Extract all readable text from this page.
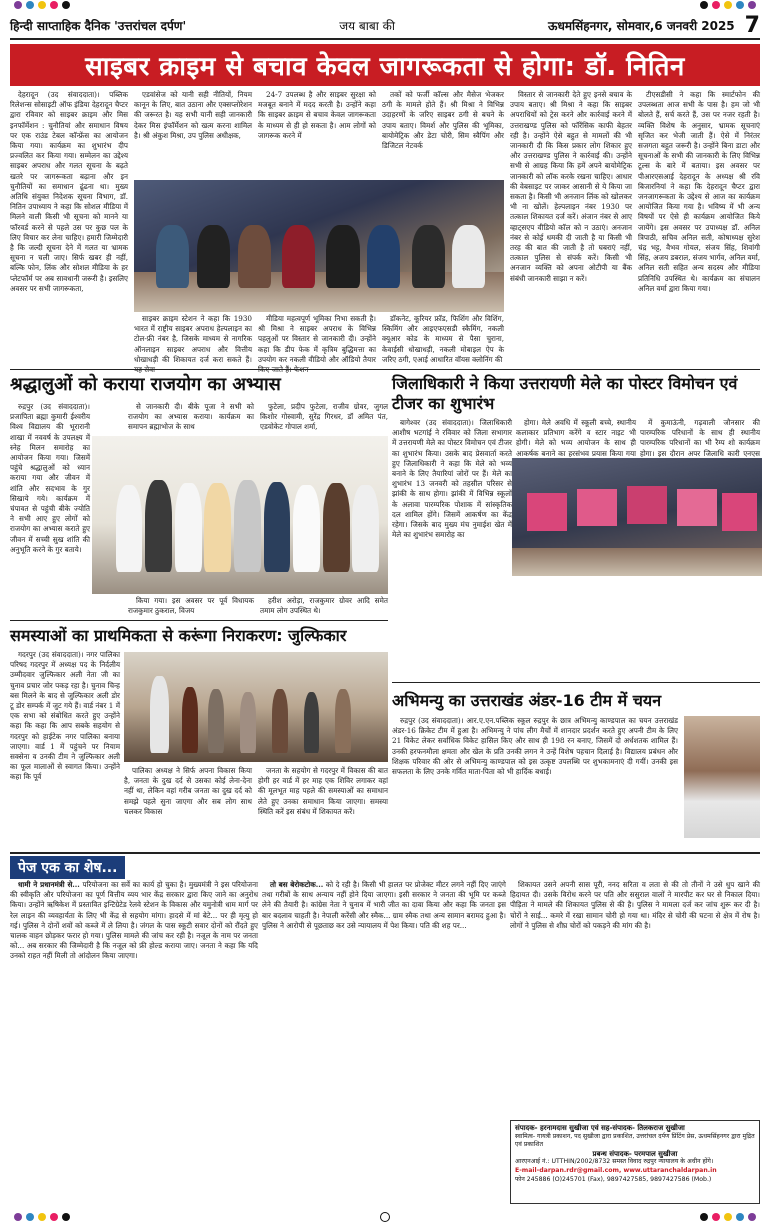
हिन्दी साप्ताहिक दैनिक 'उत्तरांचल दर्पण'	जय बाबा की	ऊधमसिंहनगर, सोमवार,6 जनवरी 2025 7
साइबर क्राइम से बचाव केवल जागरूकता से होगा: डॉ. नितिन

देहरादून (उद संवाददाता)। पब्लिक रिलेशन्स सोसाइटी ऑफ इंडिया देहरादून चैप्टर द्वारा रविवार को साइबर क्राइम और मिस इनफॉर्मेशन : चुनौतियां और समाधान विषय पर एक राउंड टेबल कॉन्फ्रेंस का आयोजन किया गया। कार्यक्रम का शुभारंभ दीप प्रज्वलित कर किया गया। सम्मेलन का उद्देश्य साइबर अपराध और गलत सूचना के बढ़ते खतरे पर जागरूकता बढ़ाना और इन चुनौतियों का समाधान ढूंढना था। मुख्य अतिथि संयुक्त निदेशक सूचना विभाग, डॉ. नितिन उपाध्याय ने कहा कि सोशल मीडिया में मिलने वाली किसी भी सूचना को मानने या फॉरवर्ड करने से पहले उस पर कुछ पल के लिए विचार कर लेना चाहिए। हमारी जिम्मेदारी है कि जल्दी सूचना देने में गलत या भ्रामक सूचना न चली जाए। सिर्फ खबर ही नहीं, बल्कि फोन, लिंक और सोशल मीडिया के हर प्लेटफॉर्म पर अब सावधानी जरूरी है। इसलिए अवसर पर सभी जागरूकता,

एडवांसेज को यानी सही नीतियों, नियम कानून के लिए, बात उठाना और एक्सप्लोरेशन की जरूरत है। यह सभी यानी सही जानकारी देकर मिस इंफॉर्मेशन को खत्म करना शामिल है। श्री अंकुश मिश्रा, उप पुलिस अधीक्षक,

24-7 उपलब्ध है और साइबर सुरक्षा को मजबूत बनाने में मदद करती है। उन्होंने कहा कि साइबर क्राइम से बचाव केवल जागरूकता के माध्यम से ही हो सकता है। आम लोगों को जागरूक करने में

तकों को फर्जी कॉल्स और मैसेज भेजकर ठगी के मामले होते हैं। श्री मिश्रा ने विभिन्न उदाहरणों के जरिए साइबर ठगी से बचने के उपाय बताए। विमर्श और पुलिस की भूमिका, बायोमेट्रिक और डेटा चोरी, सिम स्वैपिंग और डिजिटल नेटवर्क

विस्तार से जानकारी देते हुए इनसे बचाव के उपाय बताए। श्री मिश्रा ने कहा कि साइबर अपराधियों को ट्रेस करने और कार्रवाई करने में उत्तराखण्ड पुलिस को फॉरेंसिक काफी बेहतर रही है। उन्होंने ऐसे बहुत से मामलों की भी जानकारी दी कि किस प्रकार लोग शिकार हुए और उत्तराखण्ड पुलिस ने कार्रवाई की। उन्होंने सभी से आग्रह किया कि हमें अपने बायोमेट्रिक जानकारी को लॉक करके रखना चाहिए। आधार की वेबसाइट पर जाकर आसानी से ये किया जा सकता है। किसी भी अनजान लिंक को खोलकर भी ना खोलें। हेल्पलाइन नंबर 1930 पर तत्काल शिकायत दर्ज करें। अंजान नंबर से आए व्हाट्सएप वीडियो कॉल को न उठाएं। अनजान नंबर से कोई धमकी दी जाती है या किसी भी तरह की बात की जाती है तो घबराएं नहीं, तत्काल पुलिस से संपर्क करें। किसी भी अनजान व्यक्ति को अपना ओटीपी या बैंक संबंधी जानकारी साझा न करें।

टीएसडीसी ने कहा कि स्मार्टफोन की उपलब्धता आज सभी के पास है। हम जो भी बोलते हैं, सर्च करते हैं, उस पर नजर रहती है। व्यक्ति विशेष के अनुसार, भ्रामक सूचनाएं सृजित कर भेजी जाती हैं। ऐसे में निरंतर सजगता बहुत जरूरी है। उन्होंने बिना डाटा और सूचनाओं के सभी की जानकारी के लिए विभिन्न टूल्स के बारे में बताया। इस अवसर पर पीआरएसआई देहरादून के अध्यक्ष श्री रवि बिजारनियां ने कहा कि देहरादून चैप्टर द्वारा जनजागरूकता के उद्देश्य से आज का कार्यक्रम आयोजित किया गया है। भविष्य में भी अन्य विषयों पर ऐसे ही कार्यक्रम आयोजित किये जायेंगे। इस अवसर पर उपाध्यक्ष डॉ. अनिल त्रिपाठी, सचिव अनिल सती, कोषाध्यक्ष सुरेश चंद्र भट्ट, वैभव गोयल, संजय सिंह, शिवांगी सिंह, अजय डबराल, संजय भार्गव, अनिल वर्मा, अनिल सती सहित अन्य सदस्य और मीडिया प्रतिनिधि उपस्थित थे। कार्यक्रम का संचालन अनिल वर्मा द्वारा किया गया।

साइबर क्राइम स्टेशन ने कहा कि 1930 भारत में राष्ट्रीय साइबर अपराध हेल्पलाइन का टोल-फ्री नंबर है, जिसके माध्यम से नागरिक ऑनलाइन साइबर अपराध और वित्तीय धोखाधड़ी की शिकायत दर्ज करा सकते हैं।

मीडिया महत्वपूर्ण भूमिका निभा सकती है। श्री मिश्रा ने साइबर अपराध के विभिन्न पहलुओं पर विस्तार से जानकारी दी। उन्होंने कहा कि डीप फेक में कृत्रिम बुद्धिमत्ता का उपयोग कर नकली वीडियो और ऑडियो तैयार

डॉकनेट, कूरियर फ्रॉड, फिशिंग और विशिंग, स्किमिंग और आइएफएसडी स्कैमिंग, नकली क्यूआर कोड के माध्यम से पैसा चुराना, केवाईसी धोखाधड़ी, नकली मोबाइल ऐप के जरिए ठगी, एआई आधारित वॉयस क्लोनिंग की

श्रद्धालुओं को कराया राजयोग का अभ्यास

रुद्रपुर (उद संवाददाता)। प्रजापिता ब्रह्मा कुमारी ईश्वरीय विश्व विद्यालय की भूरारानी शाखा में नववर्ष के उपलक्ष्य में स्नेह मिलन समारोह का आयोजन किया गया। जिसमें पहुंचे श्रद्धालुओं को ध्यान कराया गया और जीवन में शांति और सदभाव के गुर सिखाये गये। कार्यक्रम में चंपावत से पहुंची बीके ज्योति ने सभी आए हुए लोगों को राजयोग का अभ्यास कराते हुए जीवन में सच्ची सुख शांति की अनुभूति करने के गुर बताये।

से जानकारी दी। बीके पूजा ने सभी को राजयोग का अभ्यास कराया। कार्यक्रम का समापन ब्रह्माभोज के साथ

फुटेला, प्रदीप फुटेला, राजीव ग्रोवर, जुगल किशोर गोस्वामी, सुरेंद्र गिरधर, डॉ अमित पंत, एडवोकेट गोपाल शर्मा,

किया गया। इस अवसर पर पूर्व विधायक राजकुमार ठुकराल, विजय

हरीश अरोड़ा, राजकुमार ग्रोवर आदि समेत तमाम लोग उपस्थित थे।

जिलाधिकारी ने किया उत्तरायणी मेले का पोस्टर विमोचन एवं टीजर का शुभारंभ

बागेश्वर (उद संवाददाता)। जिलाधिकारी आशीष भटगांई ने रविवार को जिला सभागार में उत्तरायणी मेले का पोस्टर विमोचन एवं टीजर का शुभारंभ किया। उसके बाद प्रेसवार्ता करते हुए जिलाधिकारी ने कहा कि मेले को भव्य बनाने के लिए तैयारियां जोरों पर हैं। मेले का शुभारंभ 13 जनवरी को तहसील परिसर से झांकी के साथ होगा। झांकी में विभिन्न स्कूलों के अलावा पारम्परिक पोशाक में सांस्कृतिक दल शामिल होंगे। जिसमें आकर्षण का केंद्र रहेगा। जिसके बाद मुख्य मंच नुमाईश खेत में मेले का शुभारंभ समारोह का

होगा। मेले अवधि में स्कूली बच्चे, स्थानीय कलाकार प्रतिभाग करेंगे व स्टार नाइट भी होगी। मेले को भव्य आयोजन के साथ ही आकर्षक बनाने का हरसंभव प्रयास किया गया

में कुमाऊंनी, गढ़वाली जौनसार की पारम्परिक परिधानों के साथ ही स्थानीय पारम्परिक परिधानों का भी रैम्प शो कार्यक्रम होगा। इस दौरान अपर जिलाधि कारी एनएस

समस्याओं का प्राथमिकता से करूंगा निराकरण: जुल्फिकार

गदरपुर (उद संवाददाता)। नगर पालिका परिषद गदरपुर में अध्यक्ष पद के निर्दलीय उम्मीदवार जुल्फिकार अली नेता जी का चुनाव प्रचार जोर पकड़ रहा है। चुनाव चिन्ह बस मिलने के बाद से जुल्फिकार अली डोर टू डोर सम्पर्क में जुट गये हैं। वार्ड नंबर 1 में एक सभा को संबोधित करते हुए उन्होंने कहा कि कहा कि आप सबके सहयोग से गदरपुर को हाईटेक नगर पालिका बनाया जाएगा। वार्ड 1 में पहुंचने पर नियाम सक्सेना व उनकी टीम ने जुल्फिकार अली का फूल मालाओं से स्वागत किया। उन्होंने कहा कि पूर्व

पालिका अध्यक्ष ने सिर्फ अपना विकास किया है, जनता के दुख दर्द से उसका कोई लेना-देना नहीं था, लेकिन वहां गरीब जनता का दुख दर्द को समझे पहले सुना जाएगा और सब लोग साथ चलकर विकास

जनता के सहयोग से गदरपुर में विकास की बात होगी हर वार्ड में हर माह एक शिविर लगाकर वहां की मूलभूत माह पहले की समस्याओं का समाधान लेते हुए उनका समाधान किया जाएगा। समस्या स्थिति करें इस संबंध में शिकायत करें।

अभिमन्यु का उत्तराखंड अंडर-16 टीम में चयन

रुद्रपुर (उद संवाददाता)। आर.ए.एन.पब्लिक स्कूल रुद्रपुर के छात्र अभिमन्यु काण्डपाल का चयन उत्तराखंड अंडर-16 क्रिकेट टीम में हुआ है। अभिमन्यु ने पांच लीग मैचों में शानदार प्रदर्शन करते हुए अपनी टीम के लिए 21 विकेट लेकर सर्वाधिक विकेट हासिल किए और साथ ही 198 रन बनाए, जिसमें दो अर्धशतक शामिल हैं। उनकी हरफनमौला क्षमता और खेल के प्रति उनकी लगन ने उन्हें विशेष पहचान दिलाई है। विद्यालय प्रबंधन और शिक्षक परिवार की ओर से अभिमन्यु काण्डपाल को इस उत्कृष्ट उपलब्धि पर शुभकामनाएं दी गयीं। उनकी इस सफलता के लिए उनके गर्वित माता-पिता को भी हार्दिक बधाई।

पेज एक का शेष...

धामी ने प्रधानमंत्री से... परियोजना का सर्वे का कार्य हो चुका है। मुख्यमंत्री ने इस परियोजना की स्वीकृति और परियोजना का पूर्ण वित्तीय व्यय भार केंद्र सरकार द्वारा किए जाने का अनुरोध किया। उन्होंने ऋषिकेश में प्रस्तावित इन्टिग्रेटेड रेलवे स्टेशन के विकास और यमुनोत्री धाम मार्ग पर रेल लाइन की व्यवहार्यता के लिए भी केंद्र से सहयोग मांगा। हादसे में मां बेटे... पर ही मृत्यु हो गई। पुलिस ने दोनों शवों को कब्जे में ले लिया है। जंगल के पास स्कूटी सवार दोनों को रौंदते हुए चालक वाहन छोड़कर फरार हो गया। पुलिस मामले की जांच कर रही है। नजूल के नाम पर जनता को... अब सरकार की जिम्मेदारी है कि नजूल को फ्री होल्ड कराया जाए। जनता ने कहा कि यदि उनको राहत नहीं मिली तो आंदोलन किया जाएगा।

तो बस बेरोकटोक... को दे रही है। किसी भी हालत पर प्रोजेक्ट मीटर लगने नहीं दिए जाएंगे तथा गरीबों के साथ अन्याय नहीं होने दिया जाएगा। इसी सरकार ने जनता की भूमि पर कब्जे लेने की तैयारी है। कांग्रेस नेता ने चुनाव में भारी जीत का दावा किया और कहा कि जनता इस बार बदलाव चाहती है। नेपाली करेंसी और स्मैक... ग्राम स्मैक तथा अन्य सामान बरामद हुआ है। पुलिस ने आरोपी से पूछताछ कर उसे न्यायालय में पेश किया। पति की शह पर...

शिकायत उसने अपनी सास पूरी, ननद सरिता व लता से की तो तीनों ने उसे धुप खाने की हिदायत दी। उसके विरोध करने पर पति और ससुराल वालों ने मारपीट कर घर से निकाल दिया। पीड़िता ने मामले की शिकायत पुलिस से की है। पुलिस ने मामला दर्ज कर जांच शुरू कर दी है। चोरों ने साई... कमरे में रखा सामान चोरी हो गया था। मंदिर से चोरी की घटना से क्षेत्र में रोष है। लोगों ने पुलिस से शीघ्र चोरों को पकड़ने की मांग की है।

संपादक- हरनामदास सुखीजा एवं सह-संपादक- तिलकराज सुखीजा
स्वामित्व- गायत्री प्रकाशन, पद सुखीजा द्वारा प्रकाशित, उत्तरांचल दर्पण प्रिंटिंग प्रेस, ऊधमसिंहनगर द्वारा मुद्रित एवं प्रकाशित
प्रबन्ध संपादक- परमपाल सुखीजा
आरएनआई नं.: UTTHIN/2002/8732 समस्त विवाद रुद्रपुर न्यायालय के अधीन होंगे।
E-mail-darpan.rdr@gmail.com, www.uttaranchaldarpan.in
फोन 245886 (O)245701 (Fax), 9897427585, 9897427586 (Mob.)
